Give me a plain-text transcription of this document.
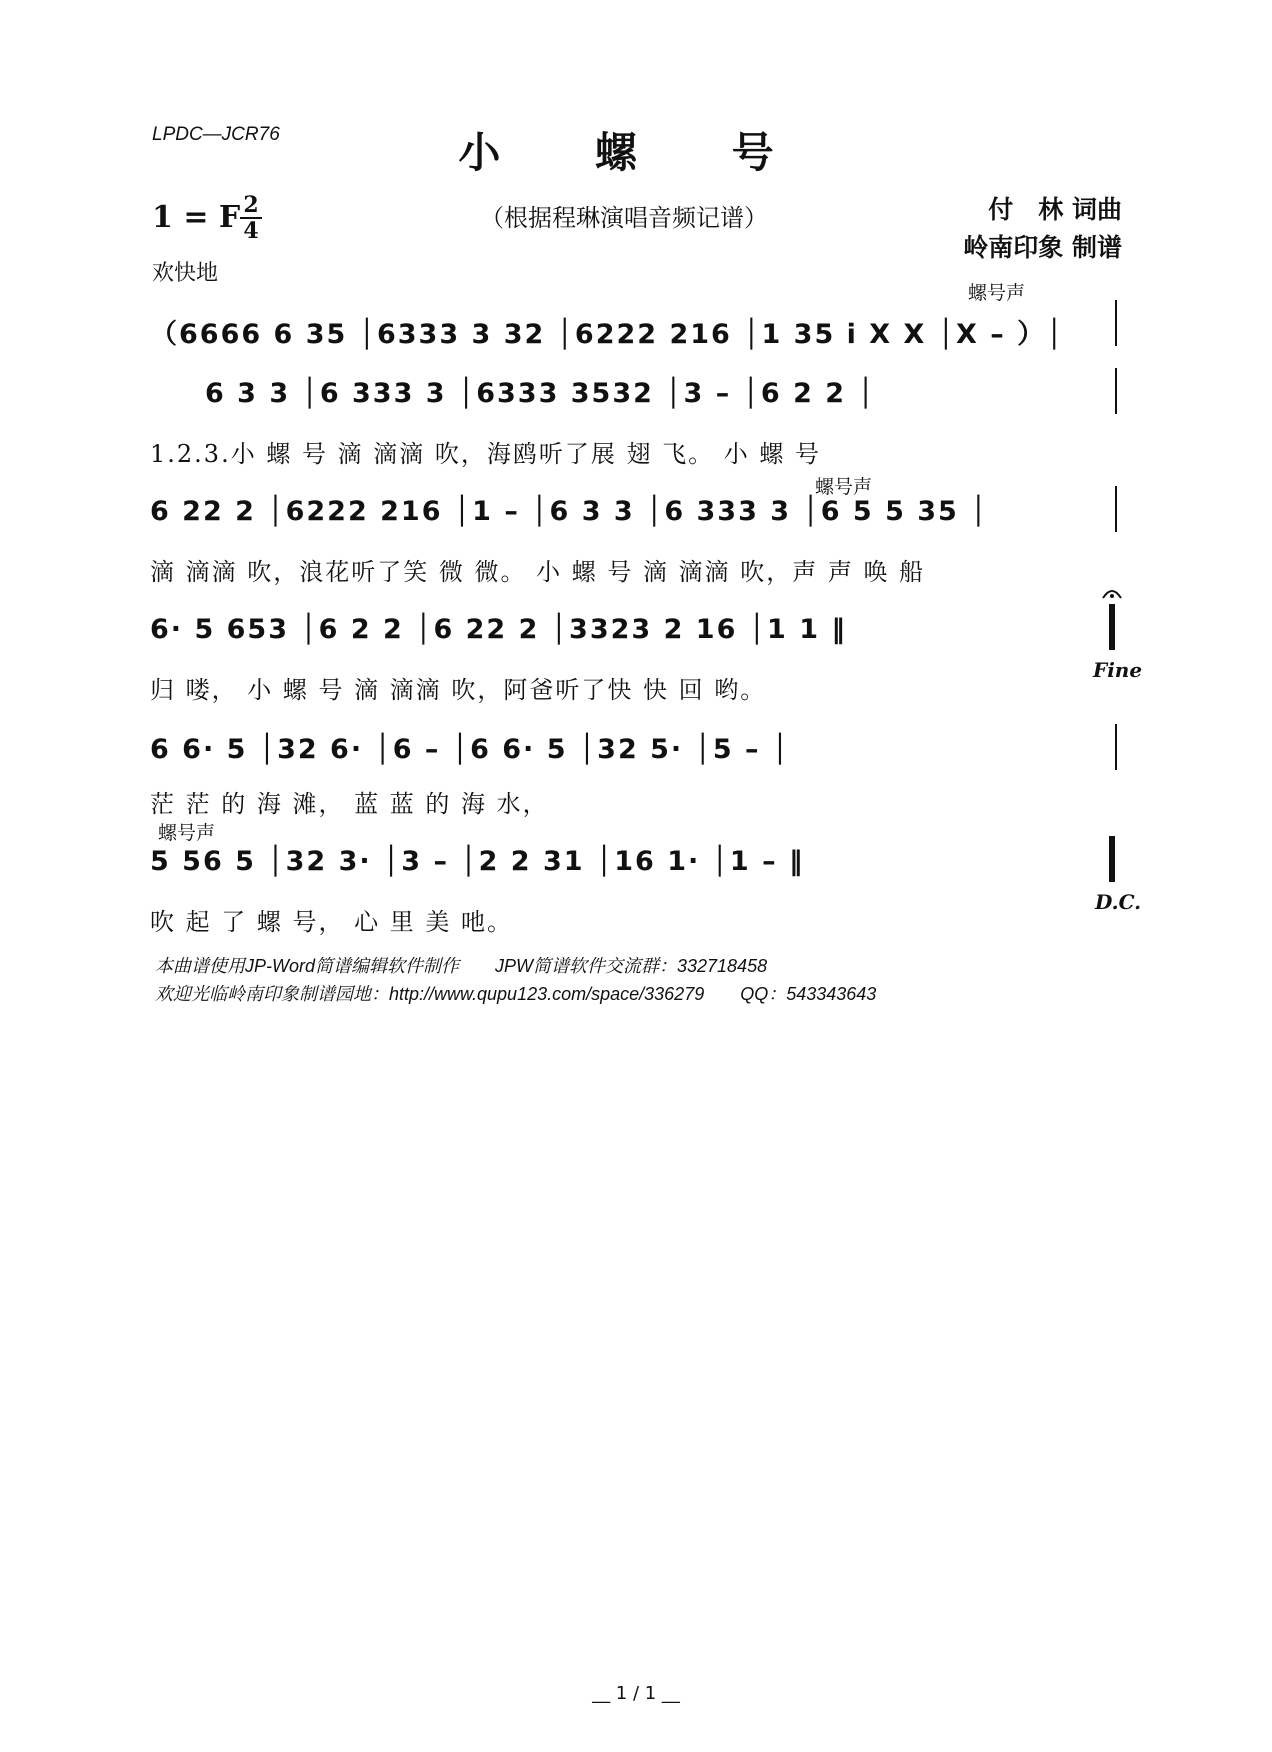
LPDC—JCR76	小 螺 号
1 = F 2
4	（根据程琳演唱音频记谱）	付　林 词曲
岭南印象 制谱
欢快地
螺号声
（6666 6 35 │6333 3 32 │6222 216 │1 35 i̇ X X │X – ）│
6 3 3 │6 333 3 │6333 3532 │3 – │6 2 2 │
1.2.3.小 螺 号 滴 滴滴 吹，海鸥听了展 翅 飞。 小 螺 号
螺号声
6 22 2 │6222 216 │1 – │6 3 3 │6 333 3 │6 5 5 35 │
滴 滴滴 吹，浪花听了笑 微 微。 小 螺 号 滴 滴滴 吹，声 声 唤 船
6· 5 653 │6 2 2 │6 22 2 │3323 2 16 │1 1 ‖
归 喽， 小 螺 号 滴 滴滴 吹，阿爸听了快 快 回 哟。
Fine
6 6· 5 │32 6· │6 – │6 6· 5 │32 5· │5 – │
茫 茫 的 海 滩， 蓝 蓝 的 海 水，
螺号声
5 56 5 │32 3· │3 – │2 2 31 │16 1· │1 – ‖
吹 起 了 螺 号， 心 里 美 吔。
D.C.
本曲谱使用JP-Word简谱编辑软件制作　　JPW简谱软件交流群：332718458
欢迎光临岭南印象制谱园地：http://www.qupu123.com/space/336279　　QQ：543343643
__ 1 / 1 __
